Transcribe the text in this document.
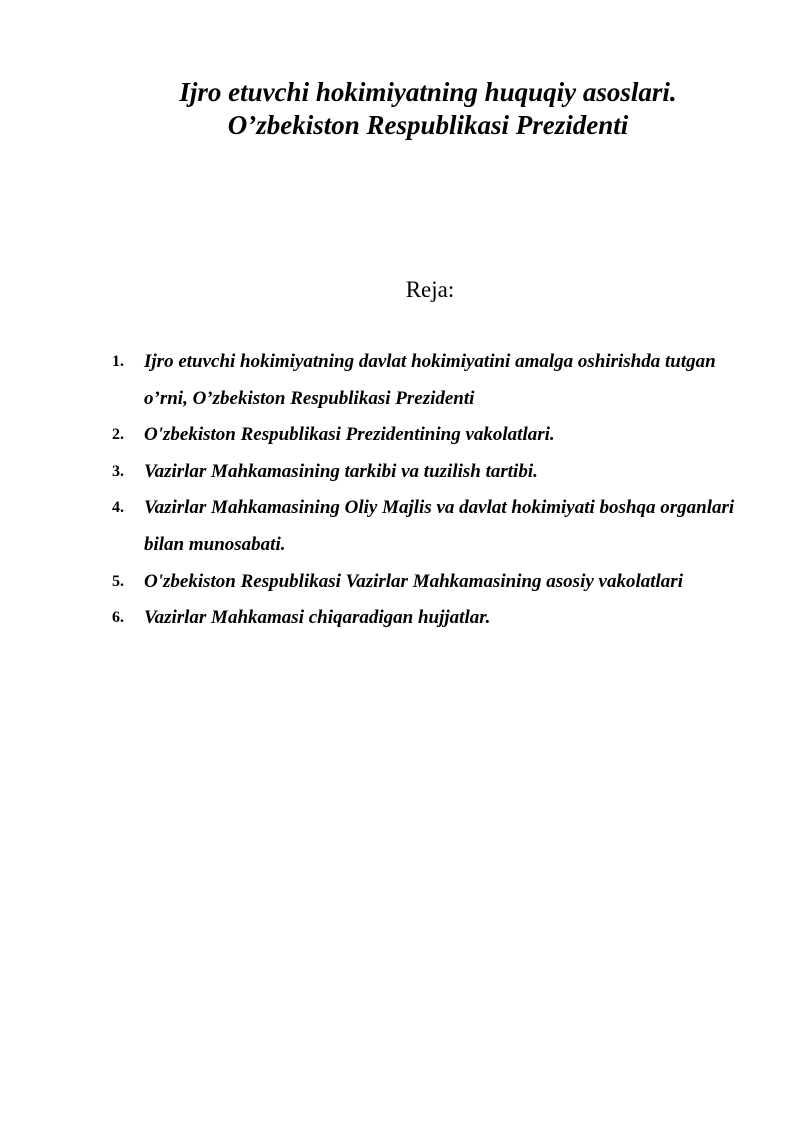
Ijro etuvchi hokimiyatning huquqiy asoslari.
O’zbekiston Respublikasi Prezidenti
Reja:
1.	Ijro etuvchi hokimiyatning davlat hokimiyatini amalga oshirishda tutgan o’rni, O’zbekiston Respublikasi Prezidenti
2.	O'zbekiston Respublikasi Prezidentining vakolatlari.
3.	Vazirlar Mahkamasining tarkibi va tuzilish tartibi.
4.	Vazirlar Mahkamasining Oliy Majlis va davlat hokimiyati boshqa organlari bilan munosabati.
5.	O'zbekiston Respublikasi Vazirlar Mahkamasining asosiy vakolatlari
6.	Vazirlar Mahkamasi chiqaradigan hujjatlar.
